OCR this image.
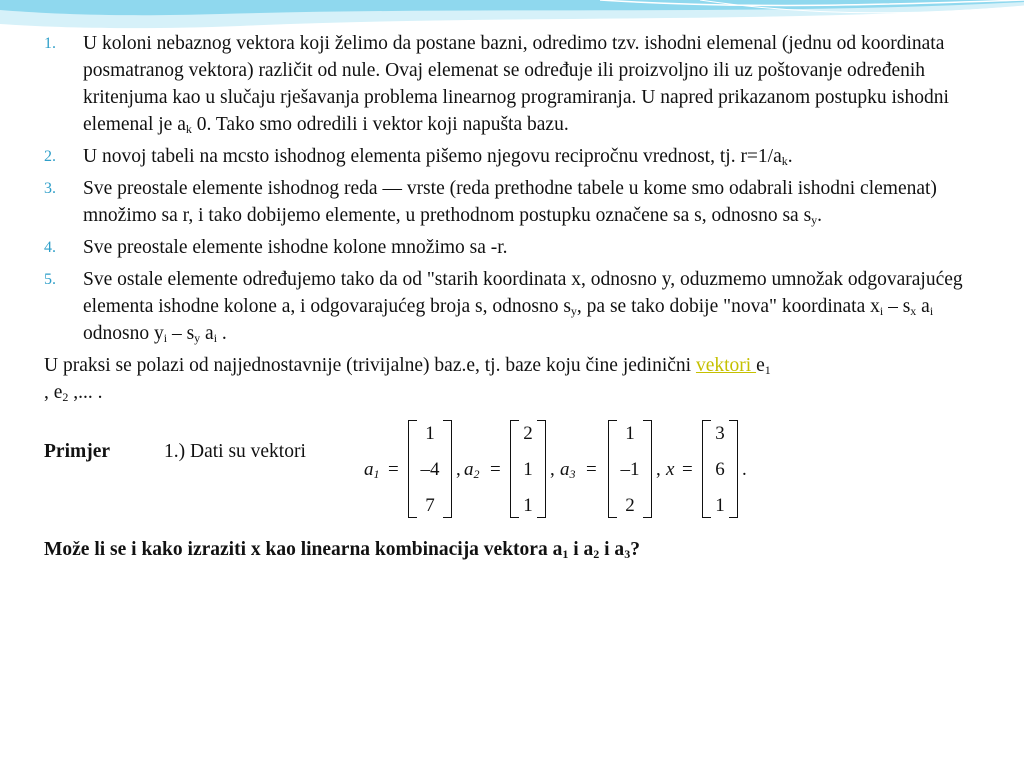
1. U koloni nebaznog vektora koji želimo da postane bazni, odredimo tzv. ishodni elemenal (jednu od koordinata posmatranog vektora) različit od nule. Ovaj elemenat se određuje ili proizvoljno ili uz poštovanje određenih kritenjuma kao u slučaju rješavanja problema linearnog programiranja. U napred prikazanom postupku ishodni elemenal je $a_k$ 0. Tako smo odredili i vektor koji napušta bazu.
2. U novoj tabeli na mcsto ishodnog elementa pišemo njegovu recipročnu vrednost, tj. $r=1/a_k$.
3. Sve preostale elemente ishodnog reda — vrste (reda prethodne tabele u kome smo odabrali ishodni clemenat) množimo sa r, i tako dobijemo elemente, u prethodnom postupku označene sa s, odnosno sa $s_y$.
4. Sve preostale elemente ishodne kolone množimo sa -r.
5. Sve ostale elemente određujemo tako da od "starih koordinata x, odnosno y, oduzmemo umnožak odgovarajućeg elementa ishodne kolone a, i odgovarajućeg broja s, odnosno $s_y$, pa se tako dobije "nova" koordinata $x_i - s_x$ $a_i$ odnosno $y_i - s_y$ $a_i$ .
U praksi se polazi od najjednostavnije (trivijalne) baz.e, tj. baze koju čine jedinični vektori $e_1$
, $e_2$ ,... .
Primjer	1.) Dati su vektori
$a_1$ =
1
–4
7
, $a_2$ =
2
1
1
, $a_3$ =
1
–1
2
, x =
3
6
1
.
Može li se i kako izraziti x kao linearna kombinacija vektora $a_1$ i $a_2$ i $a_3$?
